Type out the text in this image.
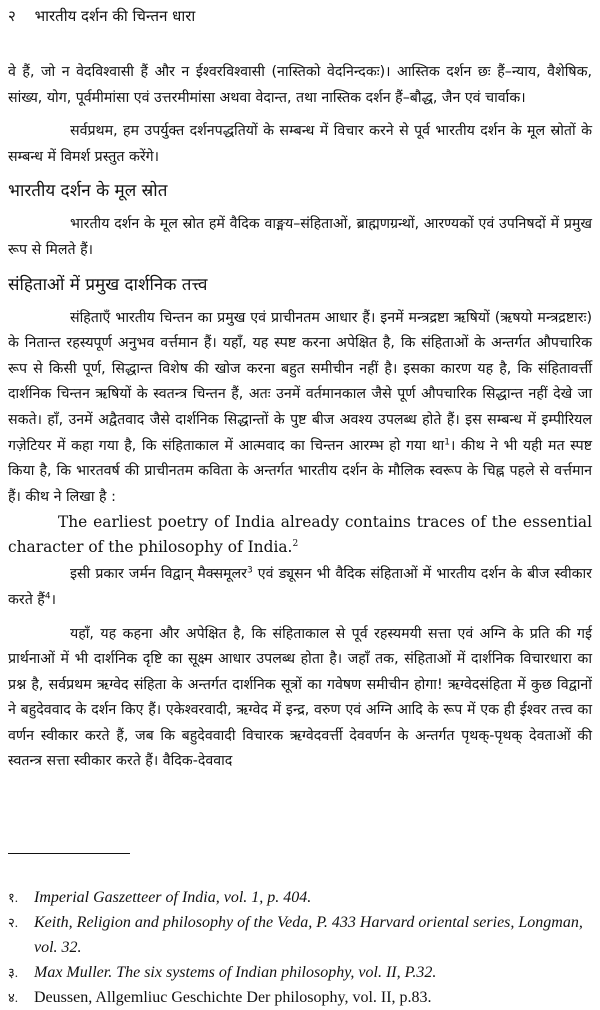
२ भारतीय दर्शन की चिन्तन धारा

वे हैं, जो न वेदविश्वासी हैं और न ईश्वरविश्वासी (नास्तिको वेदनिन्दकः)। आस्तिक दर्शन छः हैं–न्याय, वैशेषिक, सांख्य, योग, पूर्वमीमांसा एवं उत्तरमीमांसा अथवा वेदान्त, तथा नास्तिक दर्शन हैं–बौद्ध, जैन एवं चार्वाक।

सर्वप्रथम, हम उपर्युक्त दर्शनपद्धतियों के सम्बन्ध में विचार करने से पूर्व भारतीय दर्शन के मूल स्रोतों के सम्बन्ध में विमर्श प्रस्तुत करेंगे।

भारतीय दर्शन के मूल स्रोत

भारतीय दर्शन के मूल स्रोत हमें वैदिक वाङ्मय–संहिताओं, ब्राह्मणग्रन्थों, आरण्यकों एवं उपनिषदों में प्रमुख रूप से मिलते हैं।

संहिताओं में प्रमुख दार्शनिक तत्त्व

संहिताएँ भारतीय चिन्तन का प्रमुख एवं प्राचीनतम आधार हैं। इनमें मन्त्रद्रष्टा ऋषियों (ऋषयो मन्त्रद्रष्टारः) के नितान्त रहस्यपूर्ण अनुभव वर्त्तमान हैं। यहाँ, यह स्पष्ट करना अपेक्षित है, कि संहिताओं के अन्तर्गत औपचारिक रूप से किसी पूर्ण, सिद्धान्त विशेष की खोज करना बहुत समीचीन नहीं है। इसका कारण यह है, कि संहितावर्त्ती दार्शनिक चिन्तन ऋषियों के स्वतन्त्र चिन्तन हैं, अतः उनमें वर्तमानकाल जैसे पूर्ण औपचारिक सिद्धान्त नहीं देखे जा सकते। हाँ, उनमें अद्वैतवाद जैसे दार्शनिक सिद्धान्तों के पुष्ट बीज अवश्य उपलब्ध होते हैं। इस सम्बन्ध में इम्पीरियल गज़ेटियर में कहा गया है, कि संहिताकाल में आत्मवाद का चिन्तन आरम्भ हो गया था$^1$। कीथ ने भी यही मत स्पष्ट किया है, कि भारतवर्ष की प्राचीनतम कविता के अन्तर्गत भारतीय दर्शन के मौलिक स्वरूप के चिह्न पहले से वर्त्तमान हैं। कीथ ने लिखा है :

The earliest poetry of India already contains traces of the essential character of the philosophy of India.$^2$

इसी प्रकार जर्मन विद्वान् मैक्समूलर$^3$ एवं ड्यूसन भी वैदिक संहिताओं में भारतीय दर्शन के बीज स्वीकार करते हैं$^4$।

यहाँ, यह कहना और अपेक्षित है, कि संहिताकाल से पूर्व रहस्यमयी सत्ता एवं अग्नि के प्रति की गई प्रार्थनाओं में भी दार्शनिक दृष्टि का सूक्ष्म आधार उपलब्ध होता है। जहाँ तक, संहिताओं में दार्शनिक विचारधारा का प्रश्न है, सर्वप्रथम ऋग्वेद संहिता के अन्तर्गत दार्शनिक सूत्रों का गवेषण समीचीन होगा! ऋग्वेदसंहिता में कुछ विद्वानों ने बहुदेववाद के दर्शन किए हैं। एकेश्वरवादी, ऋग्वेद में इन्द्र, वरुण एवं अग्नि आदि के रूप में एक ही ईश्वर तत्त्व का वर्णन स्वीकार करते हैं, जब कि बहुदेववादी विचारक ऋग्वेदवर्त्ती देववर्णन के अन्तर्गत पृथक्-पृथक् देवताओं की स्वतन्त्र सत्ता स्वीकार करते हैं। वैदिक-देववाद

१. Imperial Gaszetteer of India, vol. 1, p. 404.
२. Keith, Religion and philosophy of the Veda, P. 433 Harvard oriental series, Longman, vol. 32.
३. Max Muller. The six systems of Indian philosophy, vol. II, P.32.
४. Deussen, Allgemliuc Geschichte Der philosophy, vol. II, p.83.
